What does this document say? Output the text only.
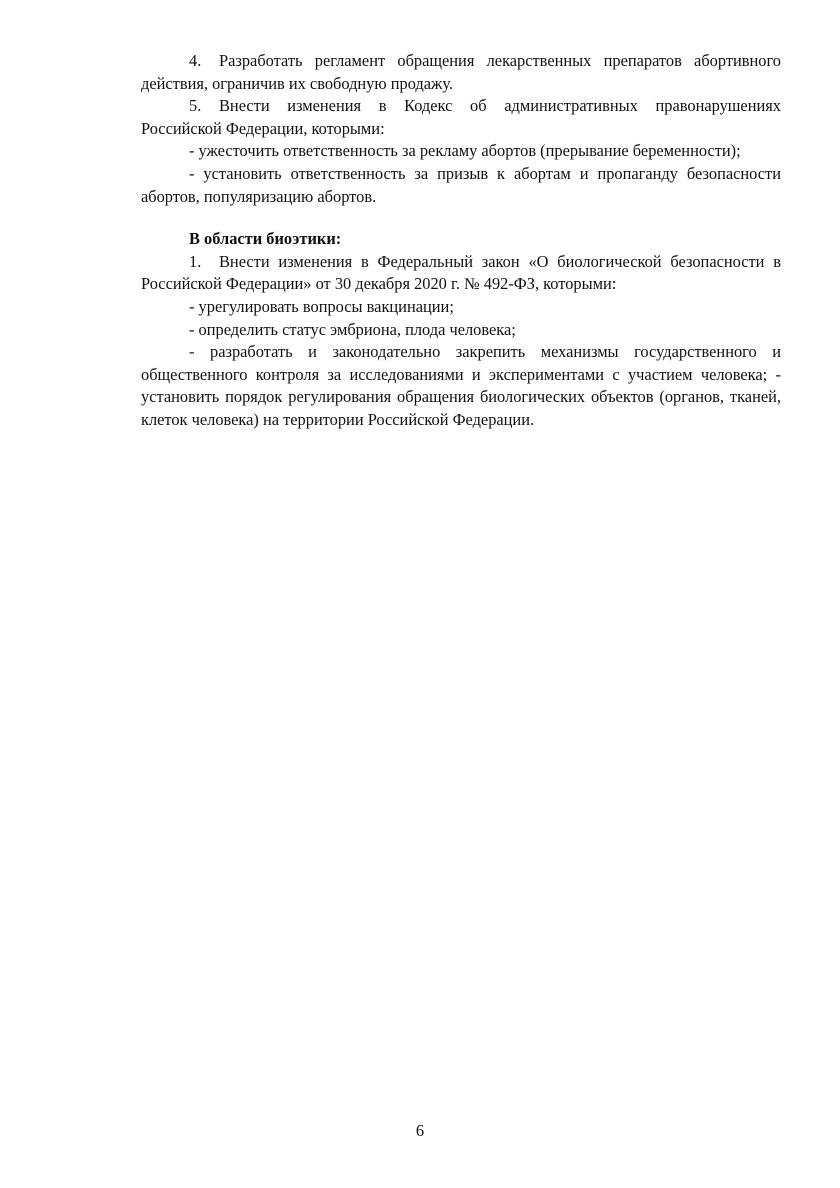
4. Разработать регламент обращения лекарственных препаратов абортивного действия, ограничив их свободную продажу.

5. Внести изменения в Кодекс об административных правонарушениях Российской Федерации, которыми:

- ужесточить ответственность за рекламу абортов (прерывание беременности);

- установить ответственность за призыв к абортам и пропаганду безопасности абортов, популяризацию абортов.

В области биоэтики:

1. Внести изменения в Федеральный закон «О биологической безопасности в Российской Федерации» от 30 декабря 2020 г. № 492-ФЗ, которыми:

- урегулировать вопросы вакцинации;

- определить статус эмбриона, плода человека;

- разработать и законодательно закрепить механизмы государственного и общественного контроля за исследованиями и экспериментами с участием человека; - установить порядок регулирования обращения биологических объектов (органов, тканей, клеток человека) на территории Российской Федерации.

6
